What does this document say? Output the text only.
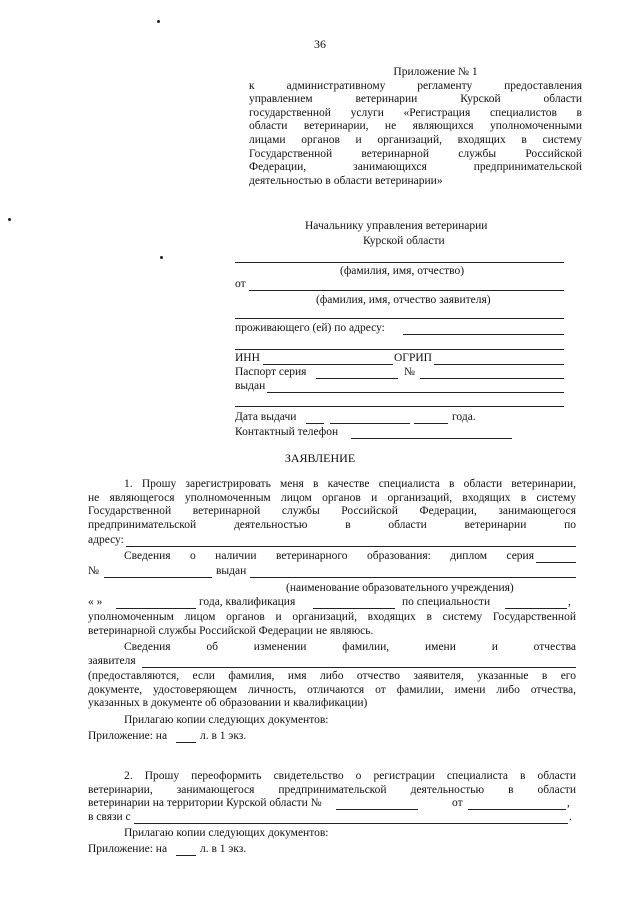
36
Приложение № 1
к административному регламенту предоставления
управлением ветеринарии Курской области
государственной услуги «Регистрация специалистов в
области ветеринарии, не являющихся уполномоченными
лицами органов и организаций, входящих в систему
Государственной ветеринарной службы Российской
Федерации, занимающихся предпринимательской
деятельностью в области ветеринарии»
Начальнику управления ветеринарии
Курской области
(фамилия, имя, отчество)
от
(фамилия, имя, отчество заявителя)
проживающего (ей) по адресу:
ИНН	ОГРИП
Паспорт серия	№
выдан
Дата выдачи	года.
Контактный телефон
ЗАЯВЛЕНИЕ
1. Прошу зарегистрировать меня в качестве специалиста в области ветеринарии,
не являющегося уполномоченным лицом органов и организаций, входящих в систему
Государственной ветеринарной службы Российской Федерации, занимающегося
предпринимательской деятельностью в области ветеринарии по
адресу:
Сведения о наличии ветеринарного образования: диплом серия
№	выдан
(наименование образовательного учреждения)
« »	года, квалификация	по специальности	,
уполномоченным лицом органов и организаций, входящих в систему Государственной
ветеринарной службы Российской Федерации не являюсь.
Сведения об изменении фамилии, имени и отчества
заявителя
(предоставляются, если фамилия, имя либо отчество заявителя, указанные в его
документе, удостоверяющем личность, отличаются от фамилии, имени либо отчества,
указанных в документе об образовании и квалификации)
Прилагаю копии следующих документов:
Приложение: на	л. в 1 экз.
2. Прошу переоформить свидетельство о регистрации специалиста в области
ветеринарии, занимающегося предпринимательской деятельностью в области
ветеринарии на территории Курской области №	от	,
в связи с	.
Прилагаю копии следующих документов:
Приложение: на	л. в 1 экз.
